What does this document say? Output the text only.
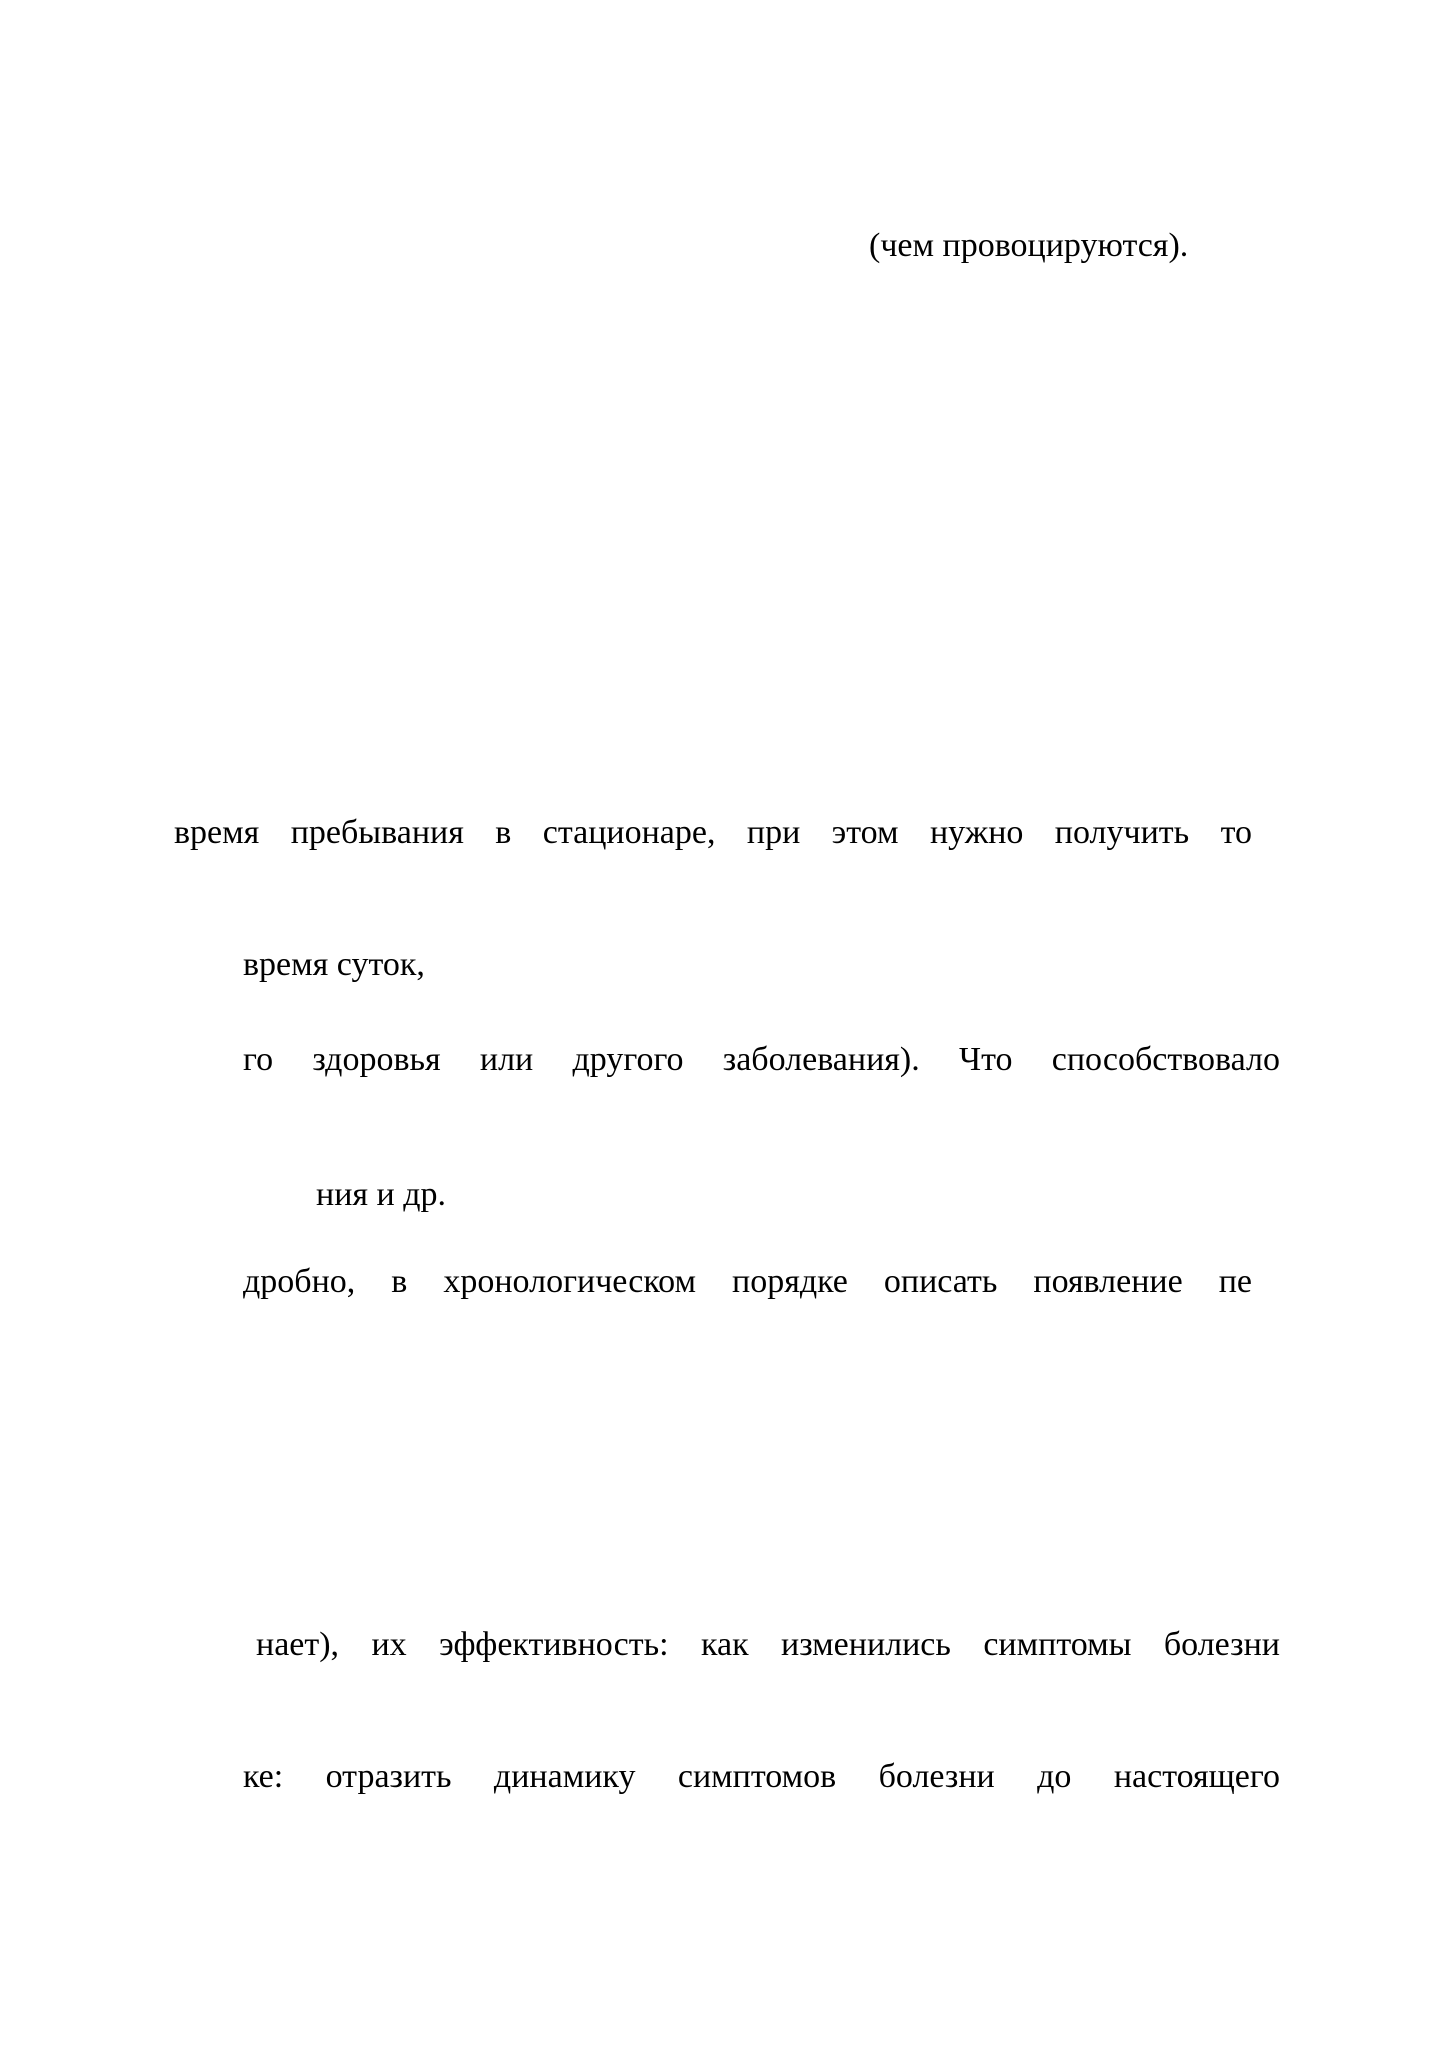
(чем провоцируются).
время пребывания в стационаре, при этом нужно получить то
время суток,
го здоровья или другого заболевания). Что способствовало
ния и др.
дробно, в хронологическом порядке описать появление пе
нает), их эффективность: как изменились симптомы болезни
ке: отразить динамику симптомов болезни до настоящего
